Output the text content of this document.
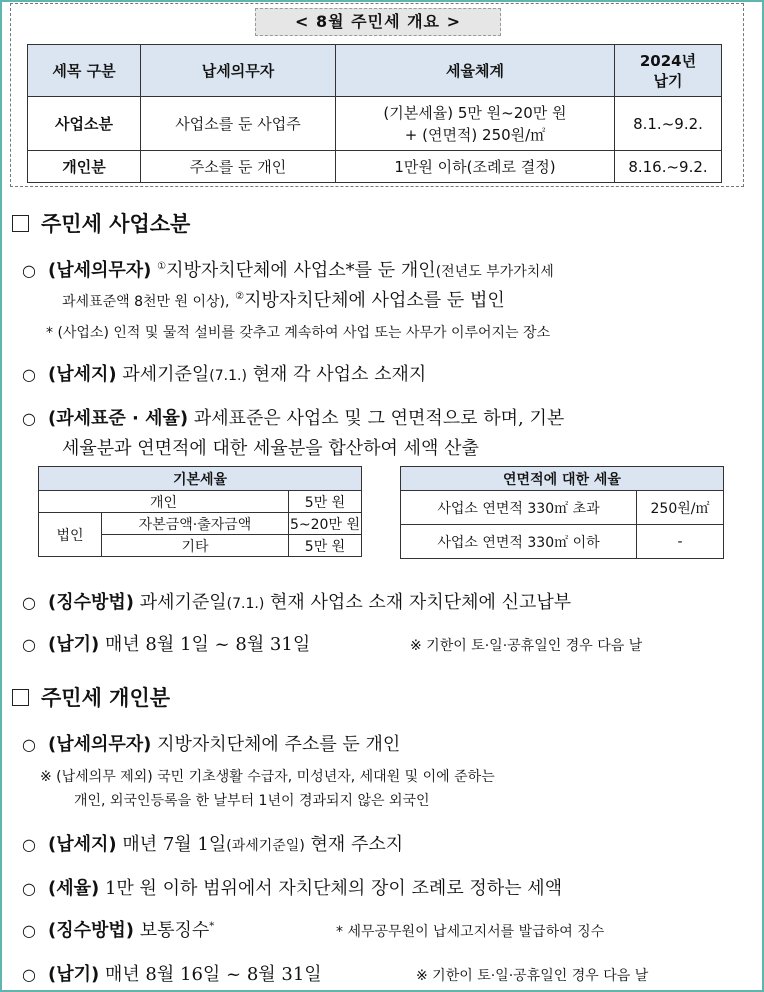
< 8월 주민세 개요 >
세목 구분	납세의무자	세율체계	2024년 납기
사업소분	사업소를 둔 사업주	(기본세율) 5만 원~20만 원
+ (연면적) 250원/㎡	8.1.~9.2.
개인분	주소를 둔 개인	1만원 이하(조례로 결정)	8.16.~9.2.
주민세 사업소분
○ (납세의무자) ①지방자치단체에 사업소*를 둔 개인(전년도 부가가치세
과세표준액 8천만 원 이상), ②지방자치단체에 사업소를 둔 법인
* (사업소) 인적 및 물적 설비를 갖추고 계속하여 사업 또는 사무가 이루어지는 장소
○ (납세지) 과세기준일(7.1.) 현재 각 사업소 소재지
○ (과세표준 · 세율) 과세표준은 사업소 및 그 연면적으로 하며, 기본
세율분과 연면적에 대한 세율분을 합산하여 세액 산출
기본세율		
개인		5만 원
법인	자본금액·출자금액	5~20만 원
	기타	5만 원
연면적에 대한 세율	
사업소 연면적 330㎡ 초과	250원/㎡
사업소 연면적 330㎡ 이하	-
○ (징수방법) 과세기준일(7.1.) 현재 사업소 소재 자치단체에 신고납부
○ (납기) 매년 8월 1일 ~ 8월 31일	※ 기한이 토·일·공휴일인 경우 다음 날
주민세 개인분
○ (납세의무자) 지방자치단체에 주소를 둔 개인
※ (납세의무 제외) 국민 기초생활 수급자, 미성년자, 세대원 및 이에 준하는
개인, 외국인등록을 한 날부터 1년이 경과되지 않은 외국인
○ (납세지) 매년 7월 1일(과세기준일) 현재 주소지
○ (세율) 1만 원 이하 범위에서 자치단체의 장이 조례로 정하는 세액
○ (징수방법) 보통징수*	* 세무공무원이 납세고지서를 발급하여 징수
○ (납기) 매년 8월 16일 ~ 8월 31일	※ 기한이 토·일·공휴일인 경우 다음 날
